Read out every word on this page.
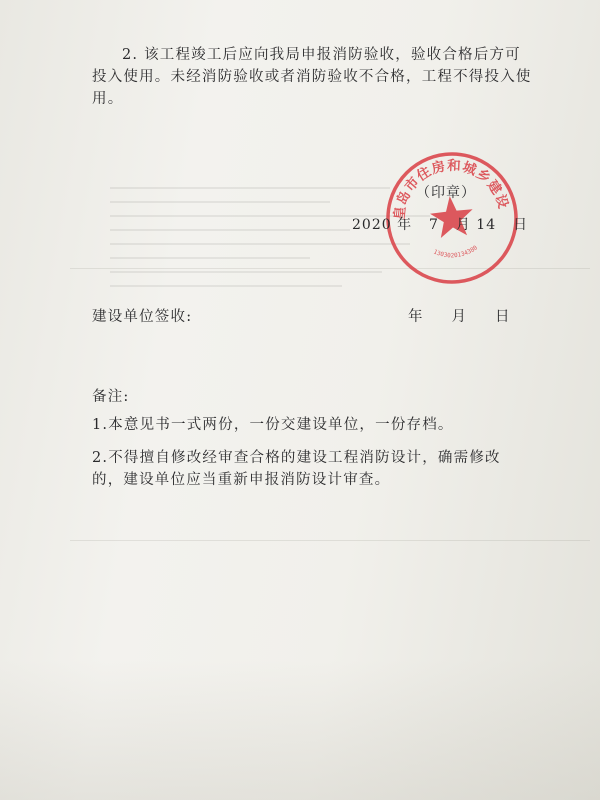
2. 该工程竣工后应向我局申报消防验收，验收合格后方可投入使用。未经消防验收或者消防验收不合格，工程不得投入使用。

秦皇岛市住房和城乡建设局
1303020134380
（印章）
2020 年 7 月 14 日
建设单位签收:	年 月 日
备注:

1.本意见书一式两份，一份交建设单位，一份存档。

2.不得擅自修改经审查合格的建设工程消防设计，确需修改的，建设单位应当重新申报消防设计审查。
